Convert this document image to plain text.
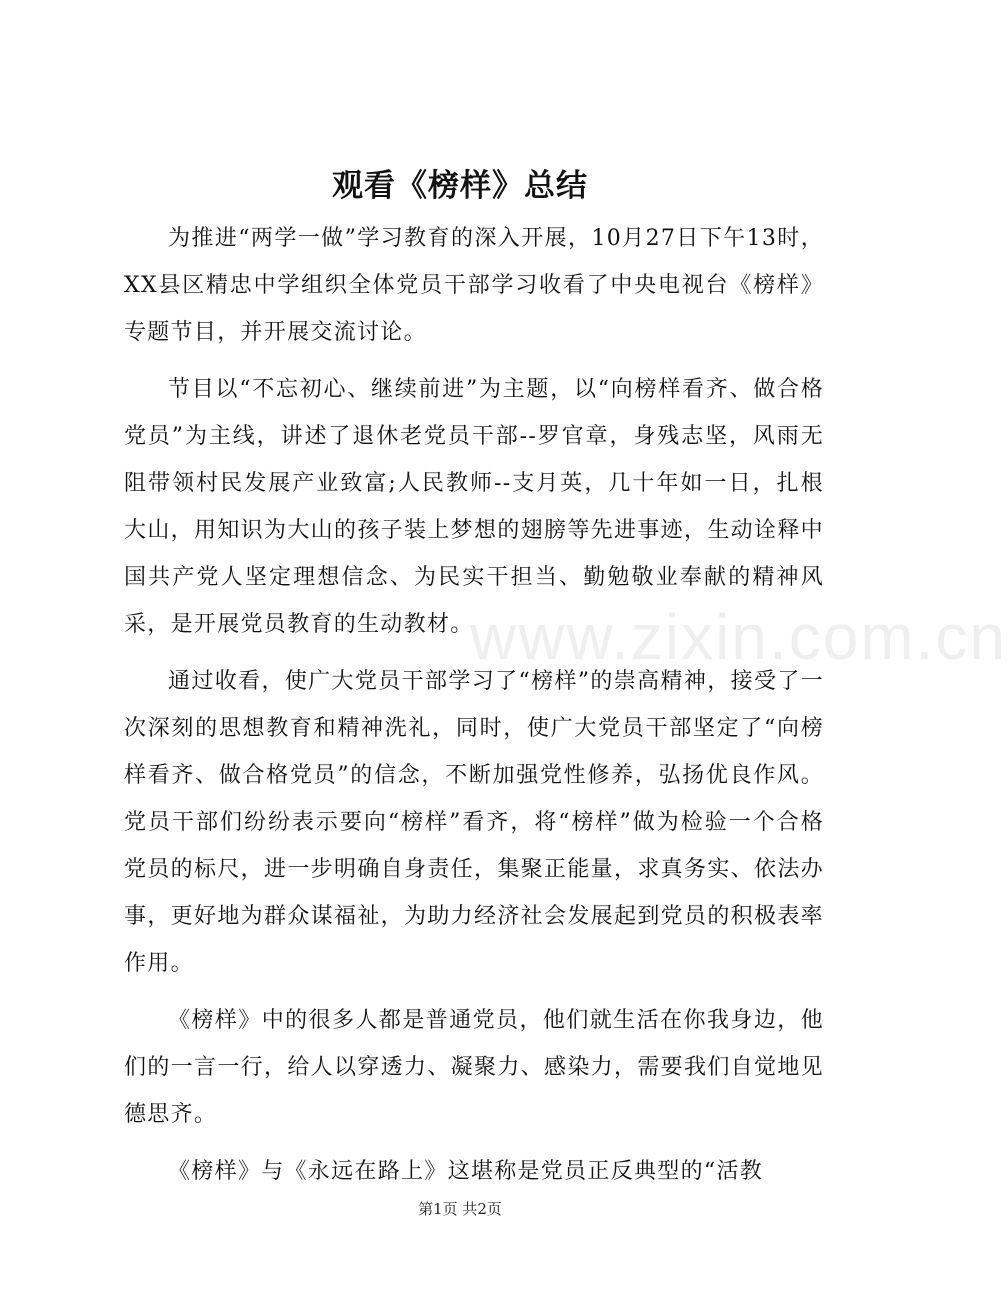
www.zixin.com.cn
观看《榜样》总结

为推进“两学一做”学习教育的深入开展，10月27日下午13时，XX县区精忠中学组织全体党员干部学习收看了中央电视台《榜样》专题节目，并开展交流讨论。

节目以“不忘初心、继续前进”为主题，以“向榜样看齐、做合格党员”为主线，讲述了退休老党员干部--罗官章，身残志坚，风雨无阻带领村民发展产业致富;人民教师--支月英，几十年如一日，扎根大山，用知识为大山的孩子装上梦想的翅膀等先进事迹，生动诠释中国共产党人坚定理想信念、为民实干担当、勤勉敬业奉献的精神风采，是开展党员教育的生动教材。

通过收看，使广大党员干部学习了“榜样”的崇高精神，接受了一次深刻的思想教育和精神洗礼，同时，使广大党员干部坚定了“向榜样看齐、做合格党员”的信念，不断加强党性修养，弘扬优良作风。党员干部们纷纷表示要向“榜样”看齐，将“榜样”做为检验一个合格党员的标尺，进一步明确自身责任，集聚正能量，求真务实、依法办事，更好地为群众谋福祉，为助力经济社会发展起到党员的积极表率作用。

《榜样》中的很多人都是普通党员，他们就生活在你我身边，他们的一言一行，给人以穿透力、凝聚力、感染力，需要我们自觉地见德思齐。

《榜样》与《永远在路上》这堪称是党员正反典型的“活教

第1页 共2页
